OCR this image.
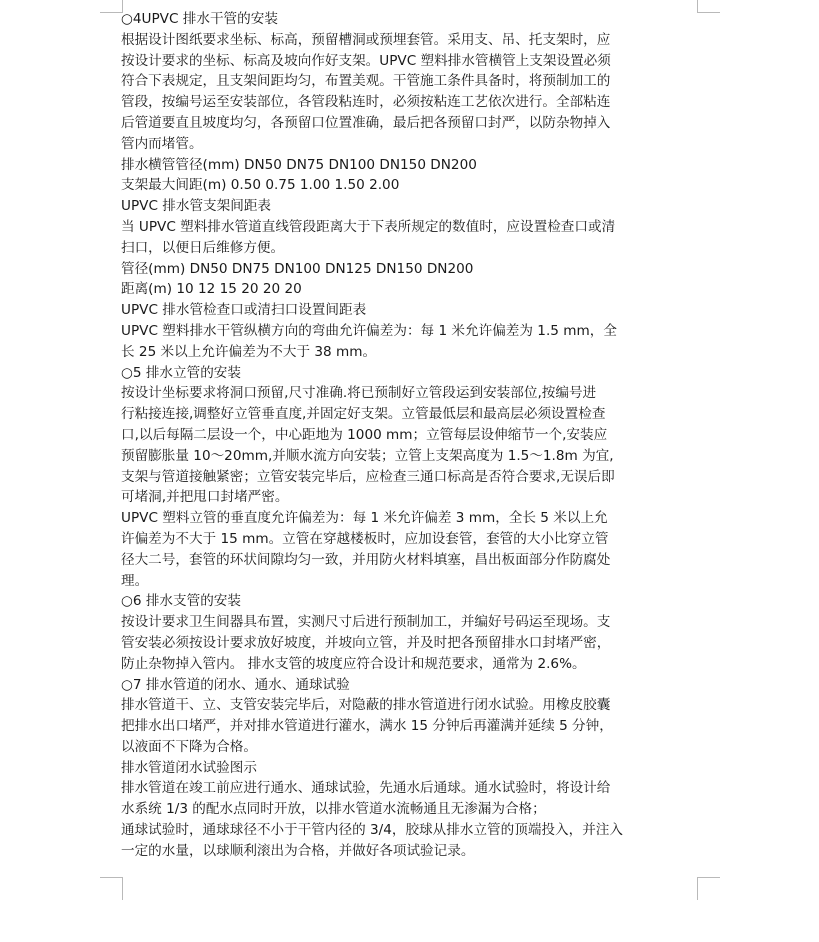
○4UPVC 排水干管的安装
根据设计图纸要求坐标、标高，预留槽洞或预埋套管。采用支、吊、托支架时，应
按设计要求的坐标、标高及坡向作好支架。UPVC 塑料排水管横管上支架设置必须
符合下表规定，且支架间距均匀，布置美观。干管施工条件具备时，将预制加工的
管段，按编号运至安装部位，各管段粘连时，必须按粘连工艺依次进行。全部粘连
后管道要直且坡度均匀，各预留口位置准确，最后把各预留口封严，以防杂物掉入
管内而堵管。
排水横管管径(mm) DN50 DN75 DN100 DN150 DN200
支架最大间距(m) 0.50 0.75 1.00 1.50 2.00
UPVC 排水管支架间距表
当 UPVC 塑料排水管道直线管段距离大于下表所规定的数值时，应设置检查口或清
扫口，以便日后维修方便。
管径(mm) DN50 DN75 DN100 DN125 DN150 DN200
距离(m) 10 12 15 20 20 20
UPVC 排水管检查口或清扫口设置间距表
UPVC 塑料排水干管纵横方向的弯曲允许偏差为：每 1 米允许偏差为 1.5 mm，全
长 25 米以上允许偏差为不大于 38 mm。
○5 排水立管的安装
按设计坐标要求将洞口预留,尺寸准确.将已预制好立管段运到安装部位,按编号进
行粘接连接,调整好立管垂直度,并固定好支架。立管最低层和最高层必须设置检查
口,以后每隔二层设一个，中心距地为 1000 mm；立管每层设伸缩节一个,安装应
预留膨胀量 10～20mm,并顺水流方向安装；立管上支架高度为 1.5～1.8m 为宜,
支架与管道接触紧密；立管安装完毕后，应检查三通口标高是否符合要求,无误后即
可堵洞,并把甩口封堵严密。
UPVC 塑料立管的垂直度允许偏差为：每 1 米允许偏差 3 mm，全长 5 米以上允
许偏差为不大于 15 mm。立管在穿越楼板时，应加设套管，套管的大小比穿立管
径大二号，套管的环状间隙均匀一致，并用防火材料填塞，昌出板面部分作防腐处
理。
○6 排水支管的安装
按设计要求卫生间器具布置，实测尺寸后进行预制加工，并编好号码运至现场。支
管安装必须按设计要求放好坡度，并坡向立管，并及时把各预留排水口封堵严密，
防止杂物掉入管内。 排水支管的坡度应符合设计和规范要求，通常为 2.6%。
○7 排水管道的闭水、通水、通球试验
排水管道干、立、支管安装完毕后，对隐蔽的排水管道进行闭水试验。用橡皮胶囊
把排水出口堵严，并对排水管道进行灌水，满水 15 分钟后再灌满并延续 5 分钟，
以液面不下降为合格。
排水管道闭水试验图示
排水管道在竣工前应进行通水、通球试验，先通水后通球。通水试验时，将设计给
水系统 1/3 的配水点同时开放，以排水管道水流畅通且无渗漏为合格；
通球试验时，通球球径不小于干管内径的 3/4，胶球从排水立管的顶端投入，并注入
一定的水量，以球顺利滚出为合格，并做好各项试验记录。
